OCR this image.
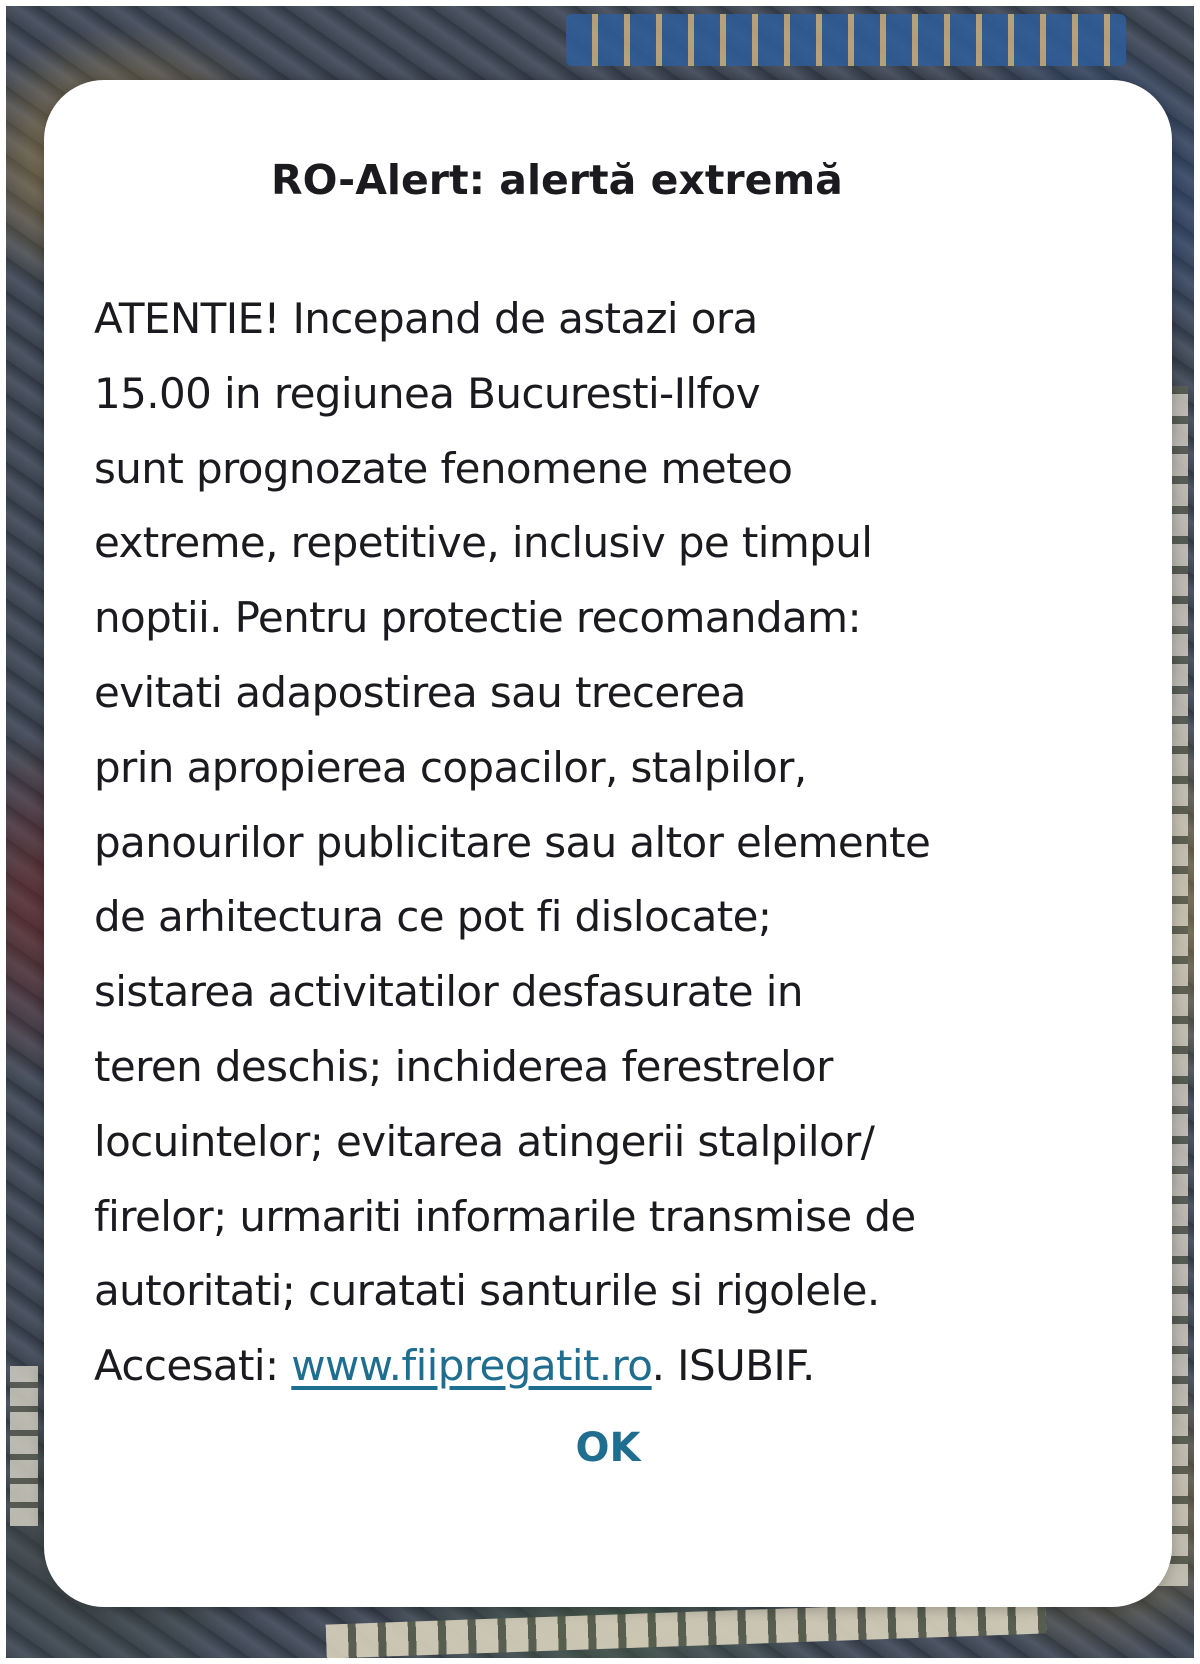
RO-Alert: alertă extremă
ATENTIE! Incepand de astazi ora
15.00 in regiunea Bucuresti-Ilfov
sunt prognozate fenomene meteo
extreme, repetitive, inclusiv pe timpul
noptii. Pentru protectie recomandam:
evitati adapostirea sau trecerea
prin apropierea copacilor, stalpilor,
panourilor publicitare sau altor elemente
de arhitectura ce pot fi dislocate;
sistarea activitatilor desfasurate in
teren deschis; inchiderea ferestrelor
locuintelor; evitarea atingerii stalpilor/
firelor; urmariti informarile transmise de
autoritati; curatati santurile si rigolele.
Accesati: www.fiipregatit.ro. ISUBIF.
OK
